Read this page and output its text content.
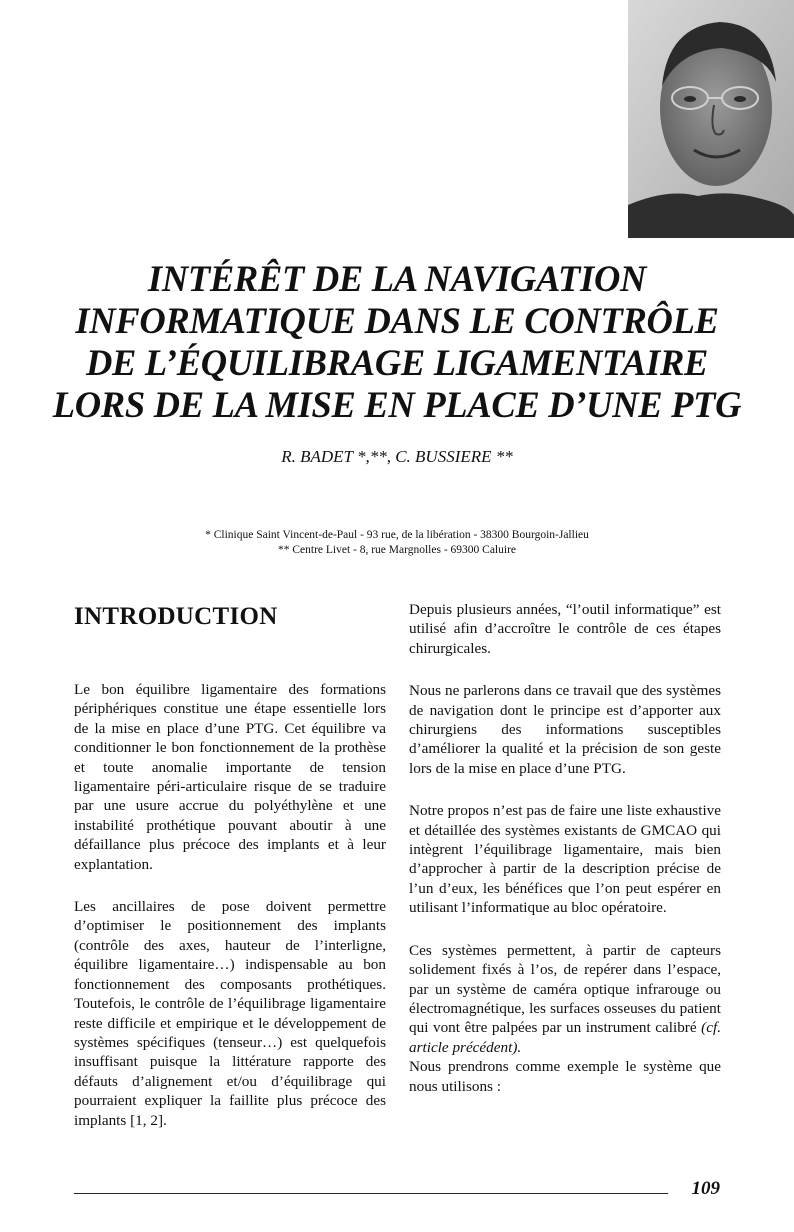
INTÉRÊT DE LA NAVIGATION
INFORMATIQUE DANS LE CONTRÔLE
DE L’ÉQUILIBRAGE LIGAMENTAIRE
LORS DE LA MISE EN PLACE D’UNE PTG
R. BADET *,**, C. BUSSIERE **
* Clinique Saint Vincent-de-Paul - 93 rue, de la libération - 38300 Bourgoin-Jallieu
** Centre Livet - 8, rue Margnolles - 69300 Caluire
INTRODUCTION

Le bon équilibre ligamentaire des formations périphériques constitue une étape essentielle lors de la mise en place d’une PTG. Cet équilibre va conditionner le bon fonctionnement de la prothèse et toute anomalie importante de tension ligamentaire péri-articulaire risque de se traduire par une usure accrue du polyéthylène et une instabilité prothétique pouvant aboutir à une défaillance plus précoce des implants et à leur explantation.

Les ancillaires de pose doivent permettre d’optimiser le positionnement des implants (contrôle des axes, hauteur de l’interligne, équilibre ligamentaire…) indispensable au bon fonctionnement des composants prothétiques. Toutefois, le contrôle de l’équilibrage ligamentaire reste difficile et empirique et le développement de systèmes spécifiques (tenseur…) est quelquefois insuffisant puisque la littérature rapporte des défauts d’alignement et/ou d’équilibrage qui pourraient expliquer la faillite plus précoce des implants [1, 2].

Depuis plusieurs années, “l’outil informatique” est utilisé afin d’accroître le contrôle de ces étapes chirurgicales.

Nous ne parlerons dans ce travail que des systèmes de navigation dont le principe est d’apporter aux chirurgiens des informations susceptibles d’améliorer la qualité et la précision de son geste lors de la mise en place d’une PTG.

Notre propos n’est pas de faire une liste exhaustive et détaillée des systèmes existants de GMCAO qui intègrent l’équilibrage ligamentaire, mais bien d’approcher à partir de la description précise de l’un d’eux, les bénéfices que l’on peut espérer en utilisant l’informatique au bloc opératoire.

Ces systèmes permettent, à partir de capteurs solidement fixés à l’os, de repérer dans l’espace, par un système de caméra optique infrarouge ou électromagnétique, les surfaces osseuses du patient qui vont être palpées par un instrument calibré (cf. article précédent).

Nous prendrons comme exemple le système que nous utilisons :

109
